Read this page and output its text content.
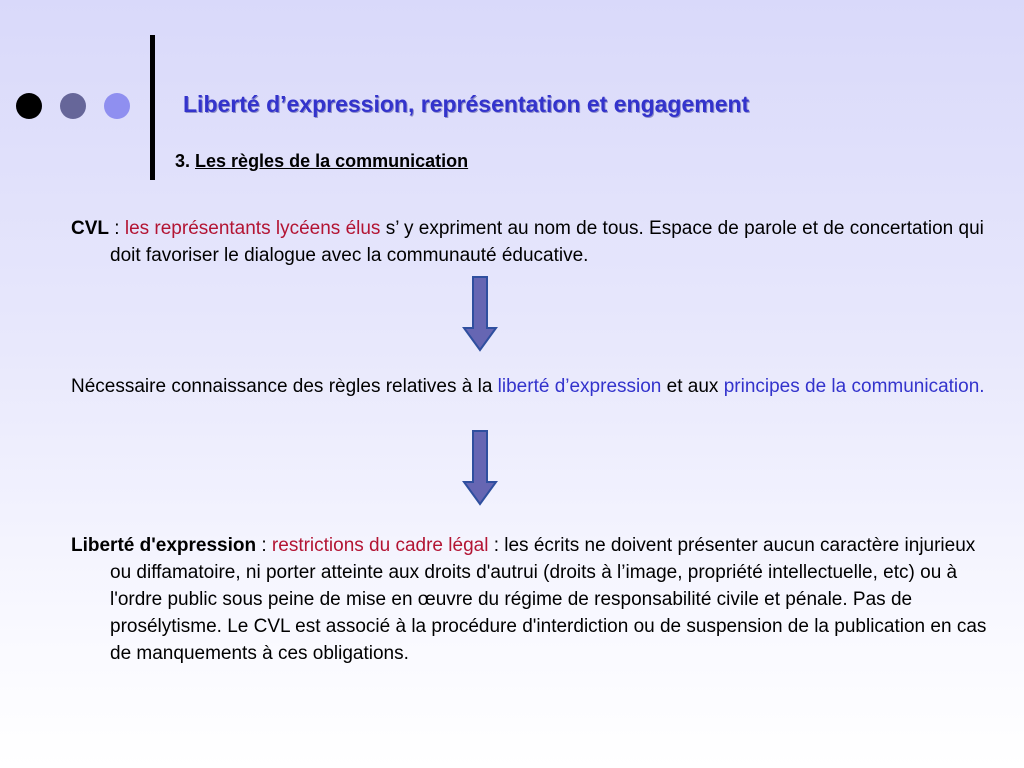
Liberté d’expression, représentation et engagement
3. Les règles de la communication
CVL : les représentants lycéens élus s’ y expriment au nom de tous. Espace de parole et de concertation qui doit favoriser le dialogue avec la communauté éducative.
Nécessaire connaissance des règles relatives à la liberté d’expression et aux principes de la communication.
Liberté d'expression : restrictions du cadre légal : les écrits ne doivent présenter aucun caractère injurieux ou diffamatoire, ni porter atteinte aux droits d'autrui (droits à l’image, propriété intellectuelle, etc) ou à l'ordre public sous peine de mise en œuvre du régime de responsabilité civile et pénale. Pas de prosélytisme. Le CVL est associé à la procédure d'interdiction ou de suspension de la publication en cas de manquements à ces obligations.
